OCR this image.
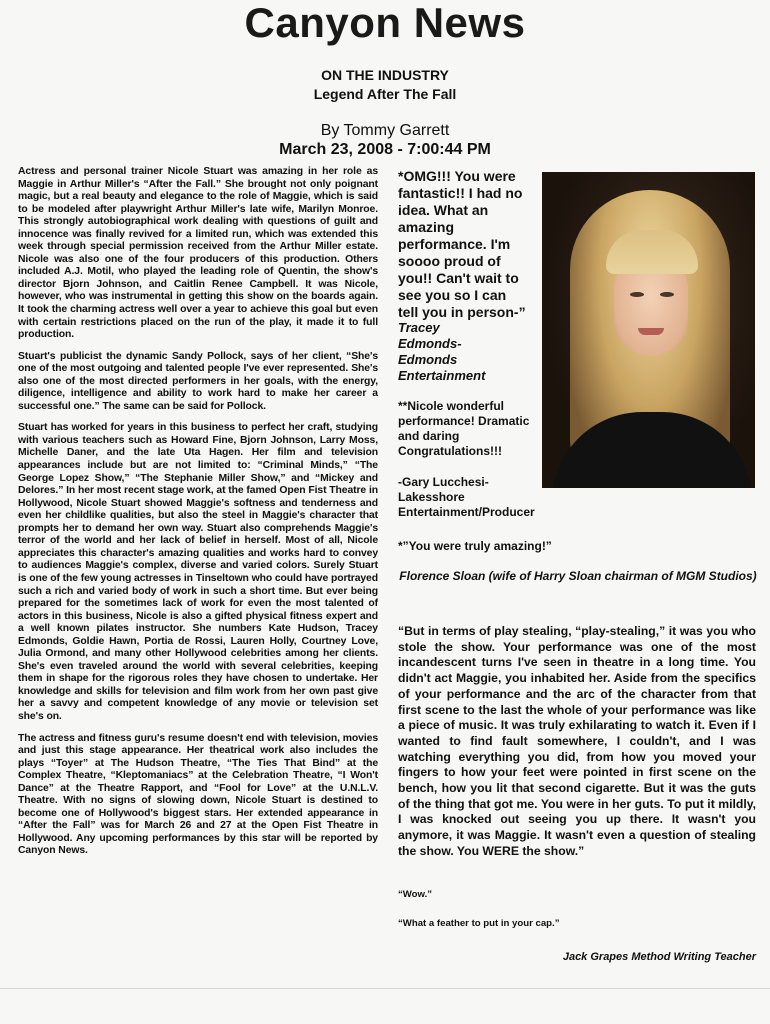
Canyon News
ON THE INDUSTRY
Legend After The Fall
By Tommy Garrett
March 23, 2008 - 7:00:44 PM

Actress and personal trainer Nicole Stuart was amazing in her role as Maggie in Arthur Miller's “After the Fall.” She brought not only poignant magic, but a real beauty and elegance to the role of Maggie, which is said to be modeled after playwright Arthur Miller's late wife, Marilyn Monroe. This strongly autobiographical work dealing with questions of guilt and innocence was finally revived for a limited run, which was extended this week through special permission received from the Arthur Miller estate. Nicole was also one of the four producers of this production. Others included A.J. Motil, who played the leading role of Quentin, the show's director Bjorn Johnson, and Caitlin Renee Campbell. It was Nicole, however, who was instrumental in getting this show on the boards again. It took the charming actress well over a year to achieve this goal but even with certain restrictions placed on the run of the play, it made it to full production.

Stuart's publicist the dynamic Sandy Pollock, says of her client, “She's one of the most outgoing and talented people I've ever represented. She's also one of the most directed performers in her goals, with the energy, diligence, intelligence and ability to work hard to make her career a successful one.” The same can be said for Pollock.

Stuart has worked for years in this business to perfect her craft, studying with various teachers such as Howard Fine, Bjorn Johnson, Larry Moss, Michelle Daner, and the late Uta Hagen. Her film and television appearances include but are not limited to: “Criminal Minds,” “The George Lopez Show,” “The Stephanie Miller Show,” and “Mickey and Delores.” In her most recent stage work, at the famed Open Fist Theatre in Hollywood, Nicole Stuart showed Maggie's softness and tenderness and even her childlike qualities, but also the steel in Maggie's character that prompts her to demand her own way. Stuart also comprehends Maggie's terror of the world and her lack of belief in herself. Most of all, Nicole appreciates this character's amazing qualities and works hard to convey to audiences Maggie's complex, diverse and varied colors. Surely Stuart is one of the few young actresses in Tinseltown who could have portrayed such a rich and varied body of work in such a short time. But ever being prepared for the sometimes lack of work for even the most talented of actors in this business, Nicole is also a gifted physical fitness expert and a well known pilates instructor. She numbers Kate Hudson, Tracey Edmonds, Goldie Hawn, Portia de Rossi, Lauren Holly, Courtney Love, Julia Ormond, and many other Hollywood celebrities among her clients. She's even traveled around the world with several celebrities, keeping them in shape for the rigorous roles they have chosen to undertake. Her knowledge and skills for television and film work from her own past give her a savvy and competent knowledge of any movie or television set she's on.

The actress and fitness guru's resume doesn't end with television, movies and just this stage appearance. Her theatrical work also includes the plays “Toyer” at The Hudson Theatre, “The Ties That Bind” at the Complex Theatre, “Kleptomaniacs” at the Celebration Theatre, “I Won't Dance” at the Theatre Rapport, and “Fool for Love” at the U.N.L.V. Theatre. With no signs of slowing down, Nicole Stuart is destined to become one of Hollywood's biggest stars. Her extended appearance in “After the Fall” was for March 26 and 27 at the Open Fist Theatre in Hollywood. Any upcoming performances by this star will be reported by Canyon News.

*OMG!!! You were fantastic!! I had no idea. What an amazing performance. I'm soooo proud of you!! Can't wait to see you so I can tell you in person-”
Tracey
Edmonds-
Edmonds
Entertainment
**Nicole wonderful performance! Dramatic and daring Congratulations!!!
-Gary Lucchesi-
Lakesshore
Entertainment/Producer
*”You were truly amazing!”
Florence Sloan (wife of Harry Sloan chairman of MGM Studios)

“But in terms of play stealing, “play-stealing,” it was you who stole the show. Your performance was one of the most incandescent turns I've seen in theatre in a long time. You didn't act Maggie, you inhabited her. Aside from the specifics of your performance and the arc of the character from that first scene to the last the whole of your performance was like a piece of music. It was truly exhilarating to watch it. Even if I wanted to find fault somewhere, I couldn't, and I was watching everything you did, from how you moved your fingers to how your feet were pointed in first scene on the bench, how you lit that second cigarette. But it was the guts of the thing that got me. You were in her guts. To put it mildly, I was knocked out seeing you up there. It wasn't you anymore, it was Maggie. It wasn't even a question of stealing the show. You WERE the show.”

“Wow.”
“What a feather to put in your cap.”
Jack Grapes Method Writing Teacher
